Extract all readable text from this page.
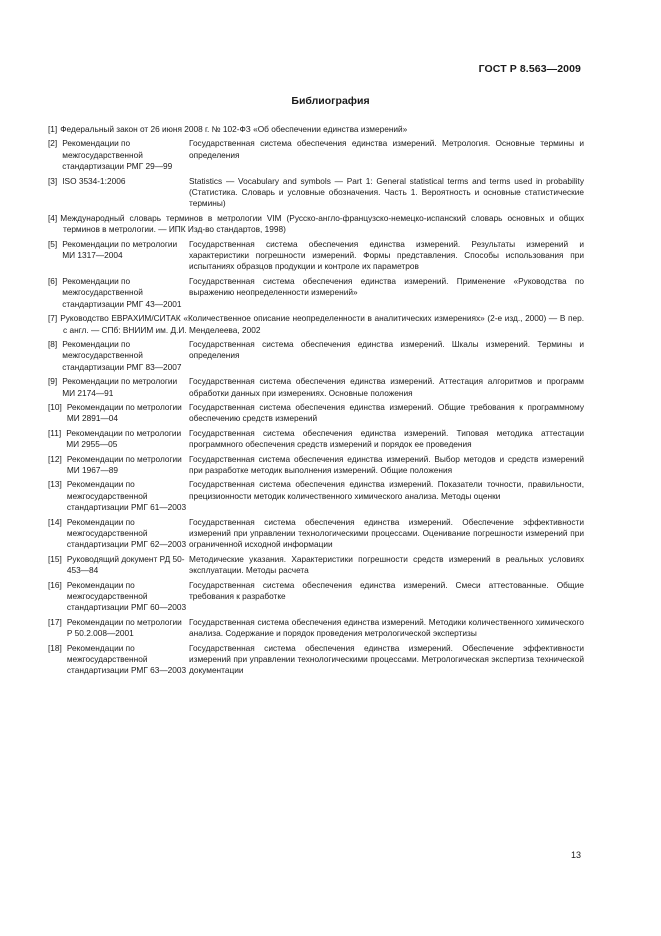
ГОСТ Р 8.563—2009
Библиография
[1] Федеральный закон от 26 июня 2008 г. № 102-ФЗ «Об обеспечении единства измерений»
[2] Рекомендации по межгосударственной стандартизации РМГ 29—99
Государственная система обеспечения единства измерений. Метрология. Основные термины и определения
[3] ISO 3534-1:2006	Statistics — Vocabulary and symbols — Part 1: General statistical terms and terms used in probability (Статистика. Словарь и условные обозначения. Часть 1. Вероятность и основные статистические термины)
[4] Международный словарь терминов в метрологии VIM (Русско-англо-французско-немецко-испанский словарь основных и общих терминов в метрологии. — ИПК Изд-во стандартов, 1998)
[5] Рекомендации по метрологии МИ 1317—2004
Государственная система обеспечения единства измерений. Результаты измерений и характеристики погрешности измерений. Формы представления. Способы использования при испытаниях образцов продукции и контроле их параметров
[6] Рекомендации по межгосударственной стандартизации РМГ 43—2001
Государственная система обеспечения единства измерений. Применение «Руководства по выражению неопределенности измерений»
[7] Руководство ЕВРАХИМ/СИТАК «Количественное описание неопределенности в аналитических измерениях» (2-е изд., 2000) — В пер. с англ. — СПб: ВНИИМ им. Д.И. Менделеева, 2002
[8] Рекомендации по межгосударственной стандартизации РМГ 83—2007
Государственная система обеспечения единства измерений. Шкалы измерений. Термины и определения
[9] Рекомендации по метрологии МИ 2174—91
Государственная система обеспечения единства измерений. Аттестация алгоритмов и программ обработки данных при измерениях. Основные положения
[10] Рекомендации по метрологии МИ 2891—04
Государственная система обеспечения единства измерений. Общие требования к программному обеспечению средств измерений
[11] Рекомендации по метрологии МИ 2955—05
Государственная система обеспечения единства измерений. Типовая методика аттестации программного обеспечения средств измерений и порядок ее проведения
[12] Рекомендации по метрологии МИ 1967—89
Государственная система обеспечения единства измерений. Выбор методов и средств измерений при разработке методик выполнения измерений. Общие положения
[13] Рекомендации по межгосударственной стандартизации РМГ 61—2003
Государственная система обеспечения единства измерений. Показатели точности, правильности, прецизионности методик количественного химического анализа. Методы оценки
[14] Рекомендации по межгосударственной стандартизации РМГ 62—2003
Государственная система обеспечения единства измерений. Обеспечение эффективности измерений при управлении технологическими процессами. Оценивание погрешности измерений при ограниченной исходной информации
[15] Руководящий документ РД 50-453—84
Методические указания. Характеристики погрешности средств измерений в реальных условиях эксплуатации. Методы расчета
[16] Рекомендации по межгосударственной стандартизации РМГ 60—2003
Государственная система обеспечения единства измерений. Смеси аттестованные. Общие требования к разработке
[17] Рекомендации по метрологии Р 50.2.008—2001
Государственная система обеспечения единства измерений. Методики количественного химического анализа. Содержание и порядок проведения метрологической экспертизы
[18] Рекомендации по межгосударственной стандартизации РМГ 63—2003
Государственная система обеспечения единства измерений. Обеспечение эффективности измерений при управлении технологическими процессами. Метрологическая экспертиза технической документации
13
